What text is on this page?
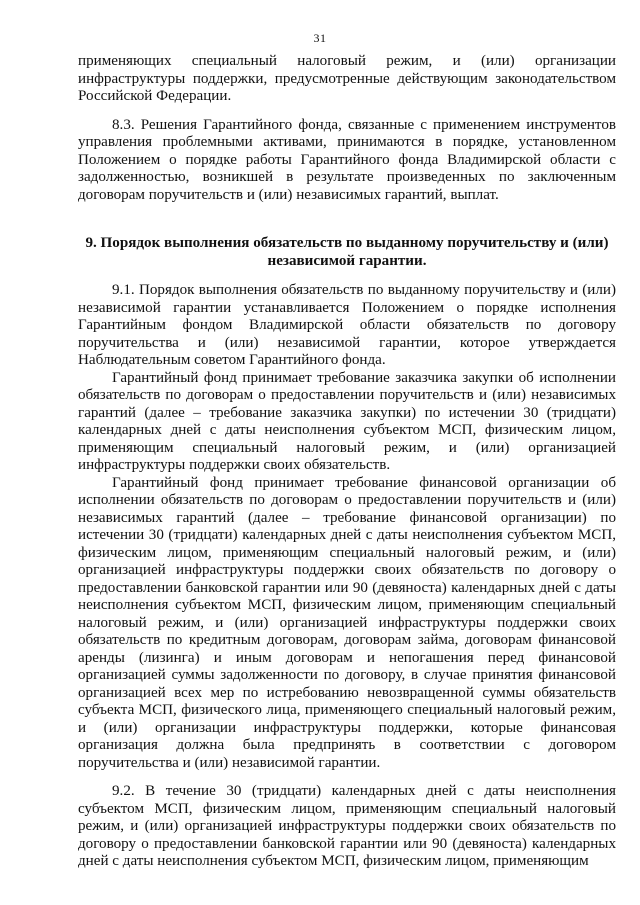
31

применяющих специальный налоговый режим, и (или) организации инфраструктуры поддержки, предусмотренные действующим законодательством Российской Федерации.

8.3. Решения Гарантийного фонда, связанные с применением инструментов управления проблемными активами, принимаются в порядке, установленном Положением о порядке работы Гарантийного фонда Владимирской области с задолженностью, возникшей в результате произведенных по заключенным договорам поручительств и (или) независимых гарантий, выплат.

9. Порядок выполнения обязательств по выданному поручительству и (или) независимой гарантии.

9.1. Порядок выполнения обязательств по выданному поручительству и (или) независимой гарантии устанавливается Положением о порядке исполнения Гарантийным фондом Владимирской области обязательств по договору поручительства и (или) независимой гарантии, которое утверждается Наблюдательным советом Гарантийного фонда.

Гарантийный фонд принимает требование заказчика закупки об исполнении обязательств по договорам о предоставлении поручительств и (или) независимых гарантий (далее – требование заказчика закупки) по истечении 30 (тридцати) календарных дней с даты неисполнения субъектом МСП, физическим лицом, применяющим специальный налоговый режим, и (или) организацией инфраструктуры поддержки своих обязательств.

Гарантийный фонд принимает требование финансовой организации об исполнении обязательств по договорам о предоставлении поручительств и (или) независимых гарантий (далее – требование финансовой организации) по истечении 30 (тридцати) календарных дней с даты неисполнения субъектом МСП, физическим лицом, применяющим специальный налоговый режим, и (или) организацией инфраструктуры поддержки своих обязательств по договору о предоставлении банковской гарантии или 90 (девяноста) календарных дней с даты неисполнения субъектом МСП, физическим лицом, применяющим специальный налоговый режим, и (или) организацией инфраструктуры поддержки своих обязательств по кредитным договорам, договорам займа, договорам финансовой аренды (лизинга) и иным договорам и непогашения перед финансовой организацией суммы задолженности по договору, в случае принятия финансовой организацией всех мер по истребованию невозвращенной суммы обязательств субъекта МСП, физического лица, применяющего специальный налоговый режим, и (или) организации инфраструктуры поддержки, которые финансовая организация должна была предпринять в соответствии с договором поручительства и (или) независимой гарантии.

9.2. В течение 30 (тридцати) календарных дней с даты неисполнения субъектом МСП, физическим лицом, применяющим специальный налоговый режим, и (или) организацией инфраструктуры поддержки своих обязательств по договору о предоставлении банковской гарантии или 90 (девяноста) календарных дней с даты неисполнения субъектом МСП, физическим лицом, применяющим
